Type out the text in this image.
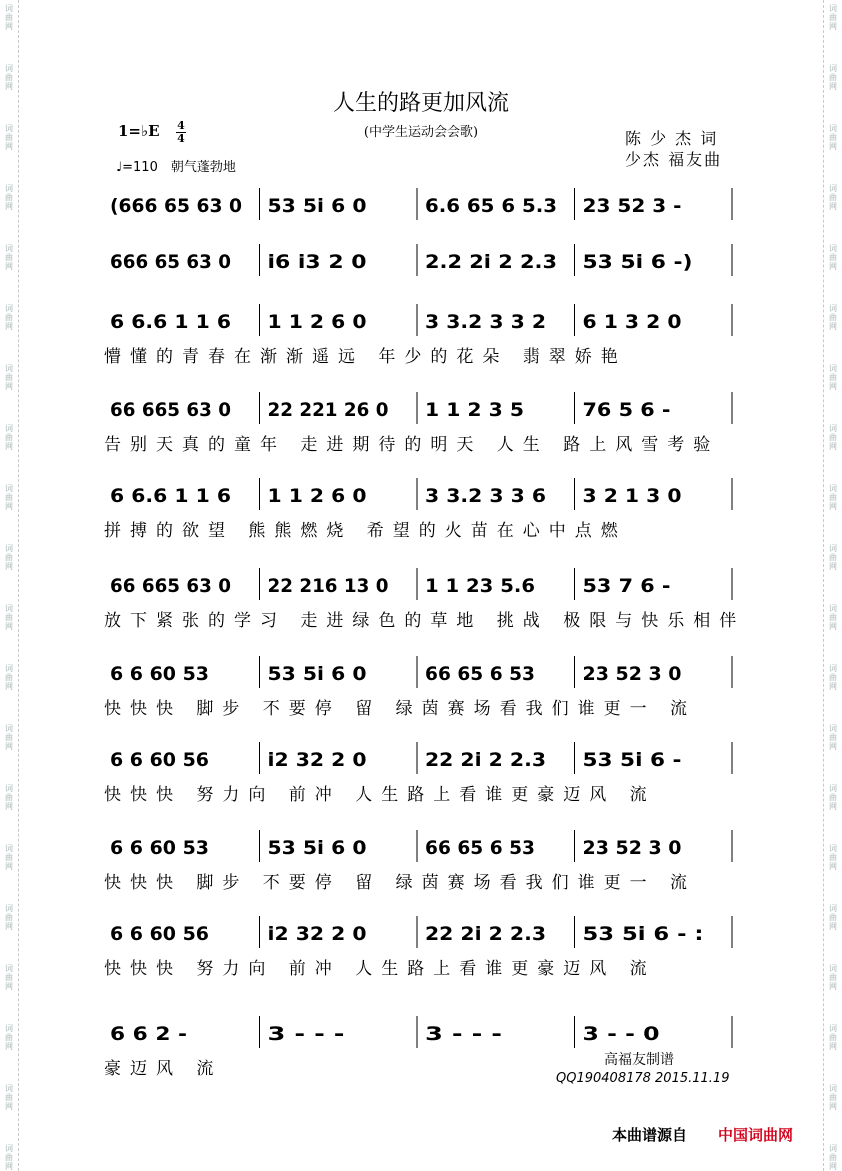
词
曲
网
词
曲
网
词
曲
网
词
曲
网
词
曲
网
词
曲
网
词
曲
网
词
曲
网
词
曲
网
词
曲
网
词
曲
网
词
曲
网
词
曲
网
词
曲
网
词
曲
网
词
曲
网
词
曲
网
词
曲
网
词
曲
网
词
曲
网
词
曲
网
词
曲
网
词
曲
网
词
曲
网
词
曲
网
词
曲
网
词
曲
网
词
曲
网
词
曲
网
词
曲
网
词
曲
网
词
曲
网
词
曲
网
词
曲
网
词
曲
网
词
曲
网
词
曲
网
词
曲
网
词
曲
网
词
曲
网
人生的路更加风流
(中学生运动会会歌)
1=♭E 4
4
♩=110　朝气蓬勃地
陈 少 杰 词
少杰 福友曲
(666 65 63 0 53 5i 6 0	6.6 65 6 5.3 23 52 3 -
666 65 63 0 i6 i3 2 0	2.2 2i 2 2.3 53 5i 6 -)
6 6.6 1 1 6 1 1 2 6 0	3 3.2 3 3 2 6 1 3 2 0
懵懂的青春在渐渐遥远 年少的花朵 翡翠娇艳
66 665 63 0 22 221 26 0 1 1 2 3 5	76 5 6 -
告别天真的童年 走进期待的明天 人生 路上风雪考验
6 6.6 1 1 6 1 1 2 6 0	3 3.2 3 3 6 3 2 1 3 0
拼搏的欲望 熊熊燃烧 希望的火苗在心中点燃
66 665 63 0 22 216 13 0 1 1 23 5.6	53 7 6 -
放下紧张的学习 走进绿色的草地 挑战 极限与快乐相伴
6 6 60 53	53 5i 6 0	66 65 6 53	23 52 3 0
快快快 脚步 不要停 留 绿茵赛场看我们谁更一 流
6 6 60 56	i2 32 2 0	22 2i 2 2.3 53 5i 6 -
快快快 努力向 前冲 人生路上看谁更豪迈风 流
6 6 60 53	53 5i 6 0	66 65 6 53	23 52 3 0
快快快 脚步 不要停 留 绿茵赛场看我们谁更一 流
6 6 60 56	i2 32 2 0	22 2i 2 2.3 53 5i 6 - :
快快快 努力向 前冲 人生路上看谁更豪迈风 流
6 6 2 -	3 - - -	3 - - -	3 - - 0
豪迈风 流	高福友制谱
QQ190408178 2015.11.19
本曲谱源自 中国词曲网
